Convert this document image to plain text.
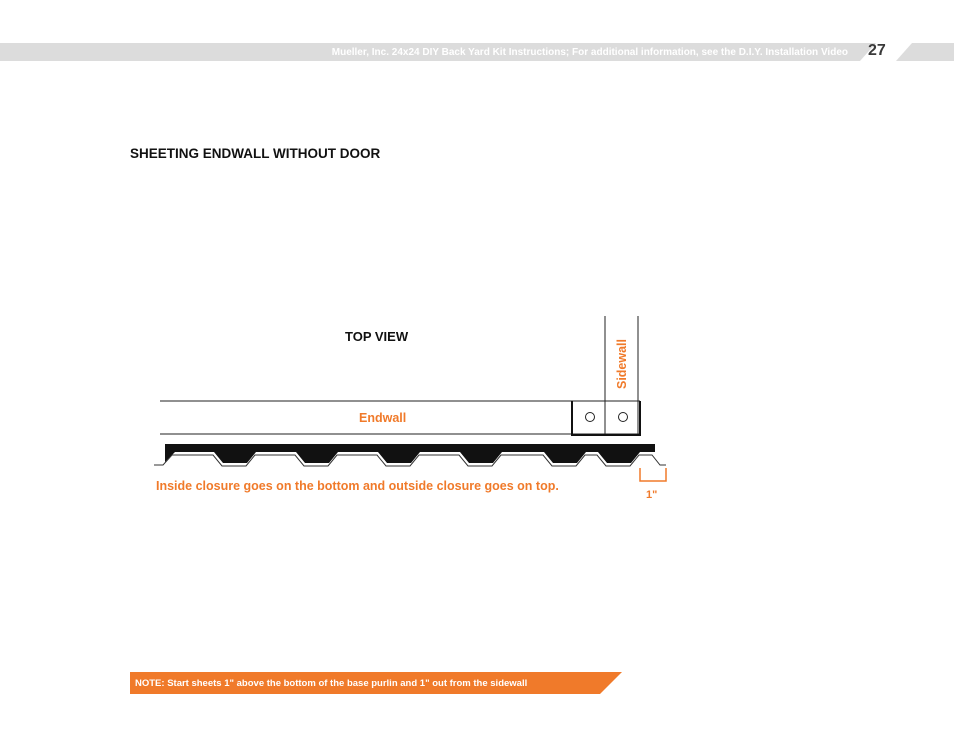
Mueller, Inc. 24x24 DIY Back Yard Kit Instructions; For additional information, see the D.I.Y. Installation Video 27
SHEETING ENDWALL WITHOUT DOOR
TOP VIEW
Endwall
Sidewall
Inside closure goes on the bottom and outside closure goes on top.
1"
NOTE: Start sheets 1" above the bottom of the base purlin and 1" out from the sidewall
